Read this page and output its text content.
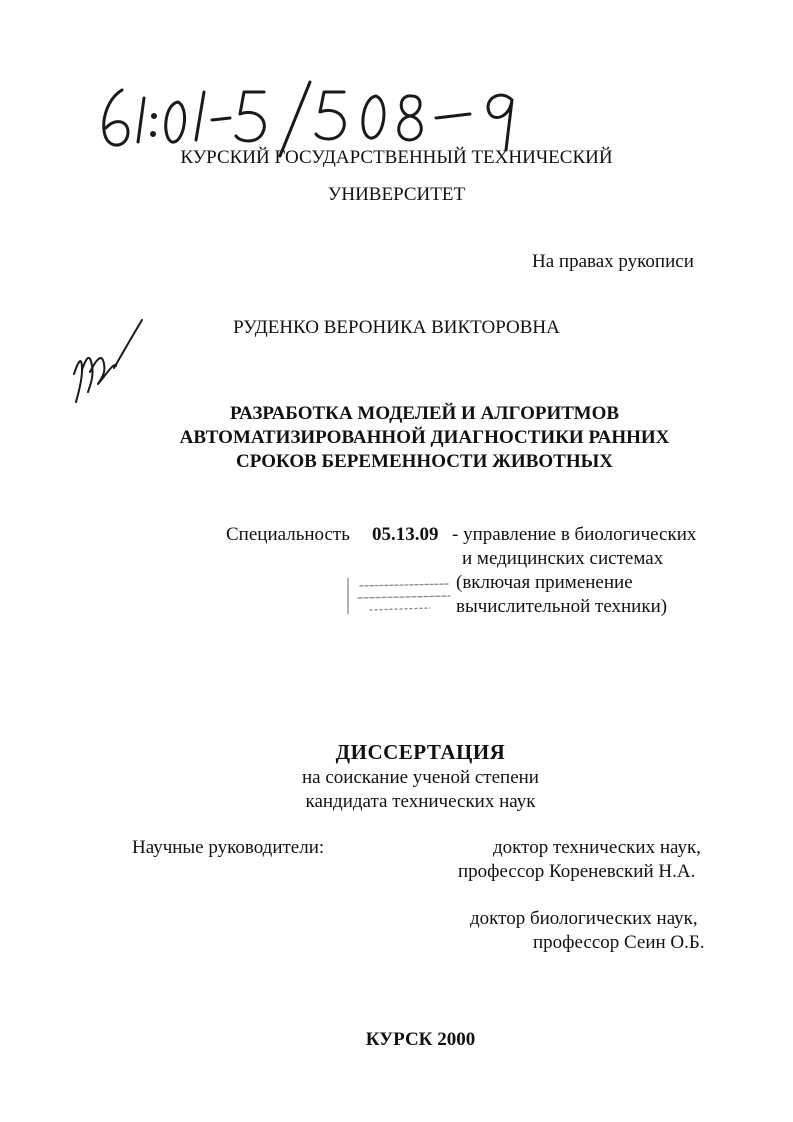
КУРСКИЙ ГОСУДАРСТВЕННЫЙ ТЕХНИЧЕСКИЙ
УНИВЕРСИТЕТ
На правах рукописи
РУДЕНКО ВЕРОНИКА ВИКТОРОВНА
РАЗРАБОТКА МОДЕЛЕЙ И АЛГОРИТМОВ
АВТОМАТИЗИРОВАННОЙ ДИАГНОСТИКИ РАННИХ
СРОКОВ БЕРЕМЕННОСТИ ЖИВОТНЫХ
Специальность 05.13.09 - управление в биологических
и медицинских системах
(включая применение
вычислительной техники)
ДИССЕРТАЦИЯ
на соискание ученой степени
кандидата технических наук
Научные руководители:	доктор технических наук,
профессор Кореневский Н.А.
доктор биологических наук,
профессор Сеин О.Б.
КУРСК 2000
